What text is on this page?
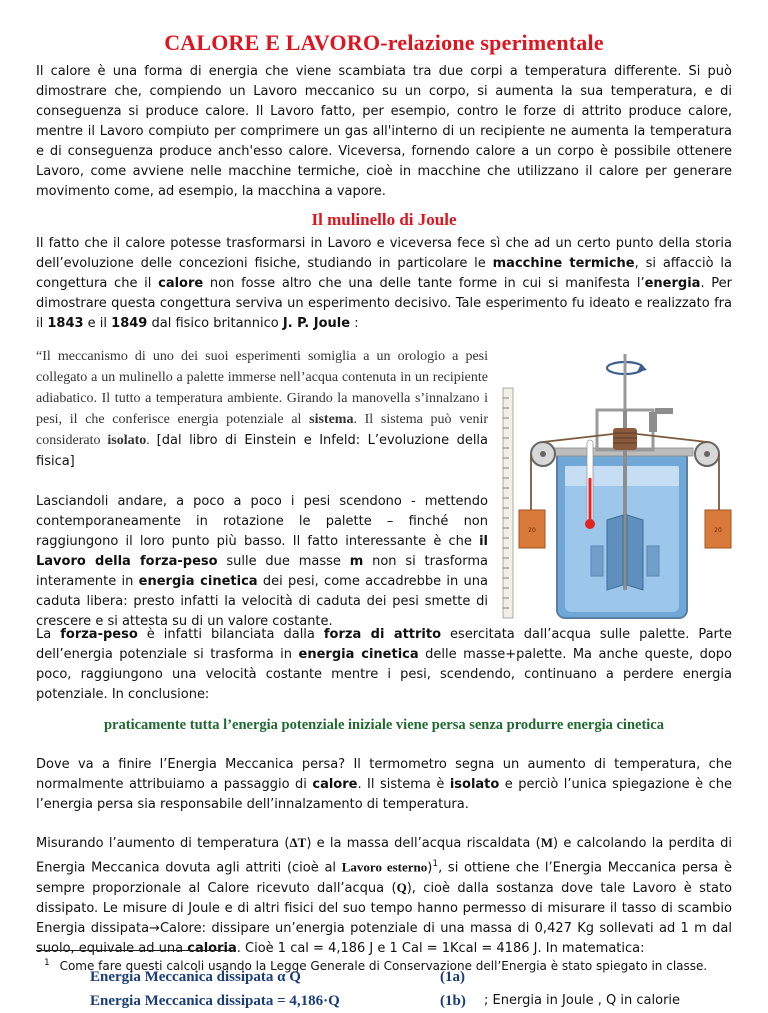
CALORE E LAVORO-relazione sperimentale

Il calore è una forma di energia che viene scambiata tra due corpi a temperatura differente. Si può dimostrare che, compiendo un Lavoro meccanico su un corpo, si aumenta la sua temperatura, e di conseguenza si produce calore. Il Lavoro fatto, per esempio, contro le forze di attrito produce calore, mentre il Lavoro compiuto per comprimere un gas all'interno di un recipiente ne aumenta la temperatura e di conseguenza produce anch'esso calore. Viceversa, fornendo calore a un corpo è possibile ottenere Lavoro, come avviene nelle macchine termiche, cioè in macchine che utilizzano il calore per generare movimento come, ad esempio, la macchina a vapore.

Il mulinello di Joule

Il fatto che il calore potesse trasformarsi in Lavoro e viceversa fece sì che ad un certo punto della storia dell’evoluzione delle concezioni fisiche, studiando in particolare le macchine termiche, si affacciò la congettura che il calore non fosse altro che una delle tante forme in cui si manifesta l’energia. Per dimostrare questa congettura serviva un esperimento decisivo. Tale esperimento fu ideato e realizzato fra il 1843 e il 1849 dal fisico britannico J. P. Joule :

“Il meccanismo di uno dei suoi esperimenti somiglia a un orologio a pesi collegato a un mulinello a palette immerse nell’acqua contenuta in un recipiente adiabatico. Il tutto a temperatura ambiente. Girando la manovella s’innalzano i pesi, il che conferisce energia potenziale al sistema. Il sistema può venir considerato isolato. [dal libro di Einstein e Infeld: L’evoluzione della fisica]

Lasciandoli andare, a poco a poco i pesi scendono - mettendo contemporaneamente in rotazione le palette – finché non raggiungono il loro punto più basso. Il fatto interessante è che il Lavoro della forza-peso sulle due masse m non si trasforma interamente in energia cinetica dei pesi, come accadrebbe in una caduta libera: presto infatti la velocità di caduta dei pesi smette di crescere e si attesta su di un valore costante.

20	20

La forza-peso è infatti bilanciata dalla forza di attrito esercitata dall’acqua sulle palette. Parte dell’energia potenziale si trasforma in energia cinetica delle masse+palette. Ma anche queste, dopo poco, raggiungono una velocità costante mentre i pesi, scendendo, continuano a perdere energia potenziale. In conclusione:

praticamente tutta l’energia potenziale iniziale viene persa senza produrre energia cinetica

Dove va a finire l’Energia Meccanica persa? Il termometro segna un aumento di temperatura, che normalmente attribuiamo a passaggio di calore. Il sistema è isolato e perciò l’unica spiegazione è che l’energia persa sia responsabile dell’innalzamento di temperatura.

Misurando l’aumento di temperatura (ΔT) e la massa dell’acqua riscaldata (M) e calcolando la perdita di Energia Meccanica dovuta agli attriti (cioè al Lavoro esterno)$^1$, si ottiene che l’Energia Meccanica persa è sempre proporzionale al Calore ricevuto dall’acqua (Q), cioè dalla sostanza dove tale Lavoro è stato dissipato. Le misure di Joule e di altri fisici del suo tempo hanno permesso di misurare il tasso di scambio Energia dissipata→Calore: dissipare un’energia potenziale di una massa di 0,427 Kg sollevati ad 1 m dal suolo, equivale ad una caloria. Cioè 1 cal = 4,186 J e 1 Cal = 1Kcal = 4186 J. In matematica:

Energia Meccanica dissipata α Q	(1a)
Energia Meccanica dissipata = 4,186·Q	(1b)	; Energia in Joule , Q in calorie
$^1$ Come fare questi calcoli usando la Legge Generale di Conservazione dell’Energia è stato spiegato in classe.
